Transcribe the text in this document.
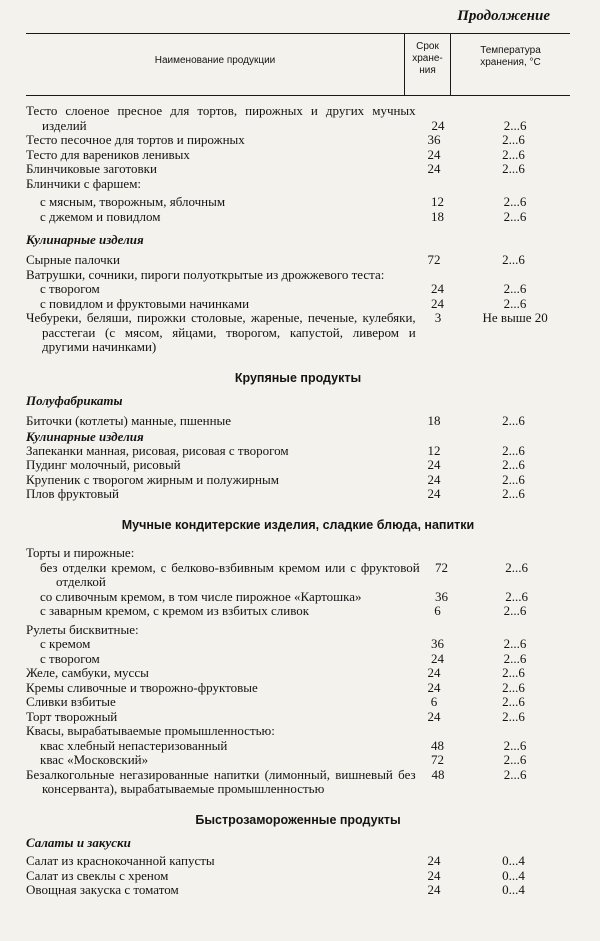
Продолжение
Наименование продукции
Срок
хране-
ния
Температура
хранения, °С
Тесто слоеное пресное для тортов, пирожных и других мучных изделий	24	2...6
Тесто песочное для тортов и пирожных	36	2...6
Тесто для вареников ленивых	24	2...6
Блинчиковые заготовки	24	2...6
Блинчики с фаршем:
с мясным, творожным, яблочным	12	2...6
с джемом и повидлом	18	2...6
Кулинарные изделия
Сырные палочки	72	2...6
Ватрушки, сочники, пироги полуоткрытые из дрожжевого теста:
с творогом	24	2...6
с повидлом и фруктовыми начинками	24	2...6
Чебуреки, беляши, пирожки столовые, жареные, печеные, кулебяки, расстегаи (с мясом, яйцами, творогом, капустой, ливером и другими начинками)
3	Не выше 20
Крупяные продукты
Полуфабрикаты
Биточки (котлеты) манные, пшенные	18	2...6
Кулинарные изделия
Запеканки манная, рисовая, рисовая с творогом	12	2...6
Пудинг молочный, рисовый	24	2...6
Крупеник с творогом жирным и полужирным	24	2...6
Плов фруктовый	24	2...6
Мучные кондитерские изделия, сладкие блюда, напитки
Торты и пирожные:
без отделки кремом, с белково-взбивным кремом или с фруктовой отделкой
72	2...6
со сливочным кремом, в том числе пирожное «Картошка»	36	2...6
с заварным кремом, с кремом из взбитых сливок	6	2...6
Рулеты бисквитные:
с кремом	36	2...6
с творогом	24	2...6
Желе, самбуки, муссы	24	2...6
Кремы сливочные и творожно-фруктовые	24	2...6
Сливки взбитые	6	2...6
Торт творожный	24	2...6
Квасы, вырабатываемые промышленностью:
квас хлебный непастеризованный	48	2...6
квас «Московский»	72	2...6
Безалкогольные негазированные напитки (лимонный, вишневый без консерванта), вырабатываемые промышленностью
48	2...6
Быстрозамороженные продукты
Салаты и закуски
Салат из краснокочанной капусты	24	0...4
Салат из свеклы с хреном	24	0...4
Овощная закуска с томатом	24	0...4
